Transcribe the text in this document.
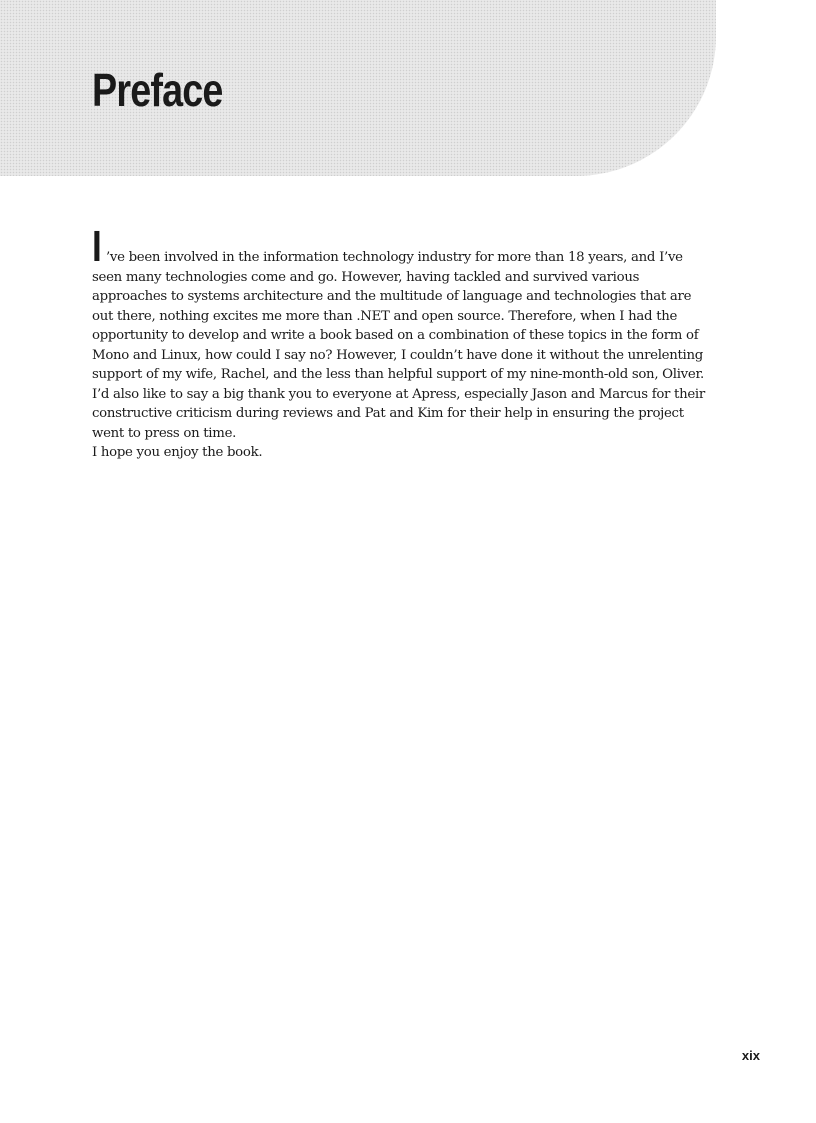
Preface

I ’ve been involved in the information technology industry for more than 18 years, and I’ve seen many technologies come and go. However, having tackled and survived various approaches to systems architecture and the multitude of language and technologies that are out there, nothing excites me more than .NET and open source. Therefore, when I had the opportunity to develop and write a book based on a combination of these topics in the form of Mono and Linux, how could I say no? However, I couldn’t have done it without the unrelenting support of my wife, Rachel, and the less than helpful support of my nine-month-old son, Oliver. I’d also like to say a big thank you to everyone at Apress, especially Jason and Marcus for their constructive criticism during reviews and Pat and Kim for their help in ensuring the project went to press on time.

I hope you enjoy the book.

xix
